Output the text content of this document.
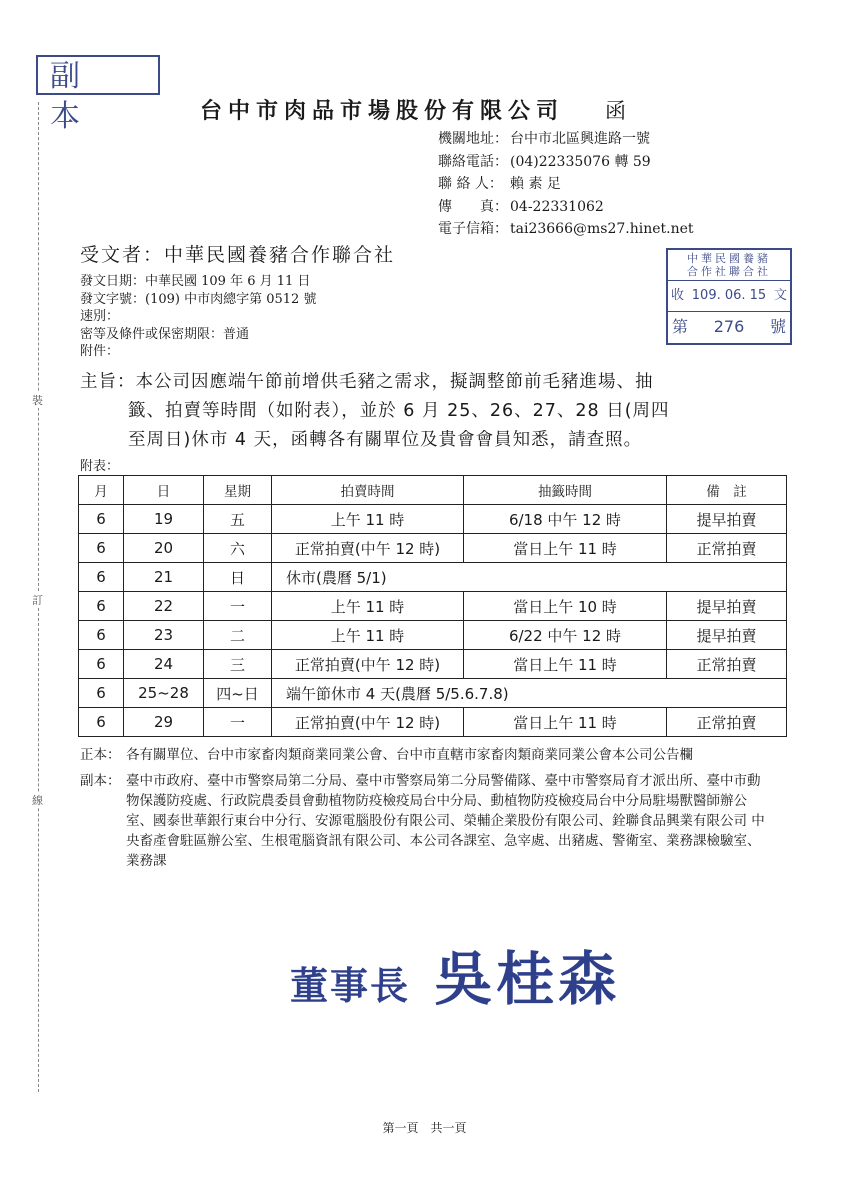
副本
裝
訂
線
台中市肉品市場股份有限公司 函
機關地址： 台中市北區興進路一號
聯絡電話： (04)22335076 轉 59
聯 絡 人： 賴 素 足
傳　　真： 04-22331062
電子信箱： tai23666@ms27.hinet.net
中華民國養豬
合作社聯合社
收 109. 06. 15 文
第 276 號
受文者：中華民國養豬合作聯合社
發文日期：中華民國 109 年 6 月 11 日
發文字號：(109) 中市肉總字第 0512 號
速別：
密等及條件或保密期限：普通
附件：
主旨：本公司因應端午節前增供毛豬之需求，擬調整節前毛豬進場、抽
籤、拍賣等時間（如附表），並於 6 月 25、26、27、28 日(周四
至周日)休市 4 天，函轉各有關單位及貴會會員知悉，請查照。
附表：
月	日	星期	拍賣時間	抽籤時間	備　註
6	19	五	上午 11 時	6/18 中午 12 時	提早拍賣
6	20	六	正常拍賣(中午 12 時)	當日上午 11 時	正常拍賣
6	21	日	休市(農曆 5/1)		
6	22	一	上午 11 時	當日上午 10 時	提早拍賣
6	23	二	上午 11 時	6/22 中午 12 時	提早拍賣
6	24	三	正常拍賣(中午 12 時)	當日上午 11 時	正常拍賣
6	25~28	四~日	端午節休市 4 天(農曆 5/5.6.7.8)		
6	29	一	正常拍賣(中午 12 時)	當日上午 11 時	正常拍賣
正本： 各有關單位、台中市家畜肉類商業同業公會、台中市直轄市家畜肉類商業同業公會本公司公告欄
副本： 臺中市政府、臺中市警察局第二分局、臺中市警察局第二分局警備隊、臺中市警察局育才派出所、臺中市動物保護防疫處、行政院農委員會動植物防疫檢疫局台中分局、動植物防疫檢疫局台中分局駐場獸醫師辦公室、國泰世華銀行東台中分行、安源電腦股份有限公司、榮輔企業股份有限公司、銓聯食品興業有限公司 中央畜產會駐區辦公室、生根電腦資訊有限公司、本公司各課室、急宰處、出豬處、警衛室、業務課檢驗室、業務課
董事長 吳桂森
第一頁　共一頁
